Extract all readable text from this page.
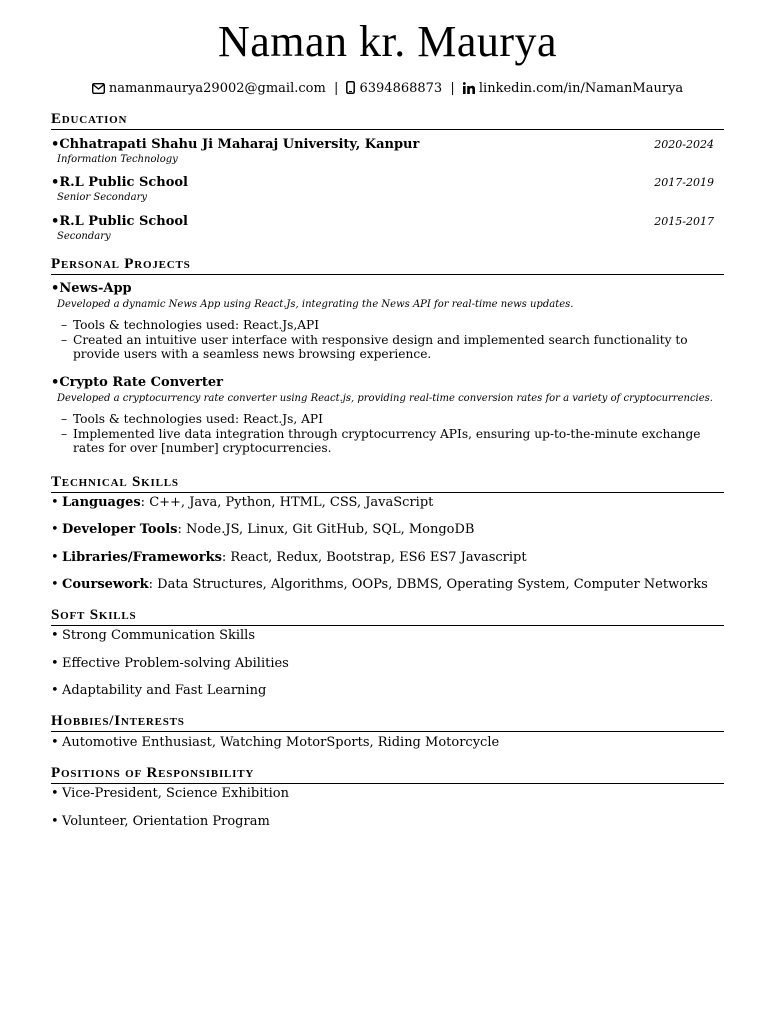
Naman kr. Maurya
namanmaurya29002@gmail.com | 6394868873 | linkedin.com/in/NamanMaurya
Education
•Chhatrapati Shahu Ji Maharaj University, Kanpur	2020-2024
Information Technology
•R.L Public School	2017-2019
Senior Secondary
•R.L Public School	2015-2017
Secondary
Personal Projects
•News-App
Developed a dynamic News App using React.Js, integrating the News API for real-time news updates.
– Tools & technologies used: React.Js,API
– Created an intuitive user interface with responsive design and implemented search functionality to provide users with a seamless news browsing experience.
•Crypto Rate Converter
Developed a cryptocurrency rate converter using React.js, providing real-time conversion rates for a variety of cryptocurrencies.
– Tools & technologies used: React.Js, API
– Implemented live data integration through cryptocurrency APIs, ensuring up-to-the-minute exchange rates for over [number] cryptocurrencies.
Technical Skills
• Languages: C++, Java, Python, HTML, CSS, JavaScript
• Developer Tools: Node.JS, Linux, Git GitHub, SQL, MongoDB
• Libraries/Frameworks: React, Redux, Bootstrap, ES6 ES7 Javascript
• Coursework: Data Structures, Algorithms, OOPs, DBMS, Operating System, Computer Networks
Soft Skills
• Strong Communication Skills
• Effective Problem-solving Abilities
• Adaptability and Fast Learning
Hobbies/Interests
• Automotive Enthusiast, Watching MotorSports, Riding Motorcycle
Positions of Responsibility
• Vice-President, Science Exhibition
• Volunteer, Orientation Program
